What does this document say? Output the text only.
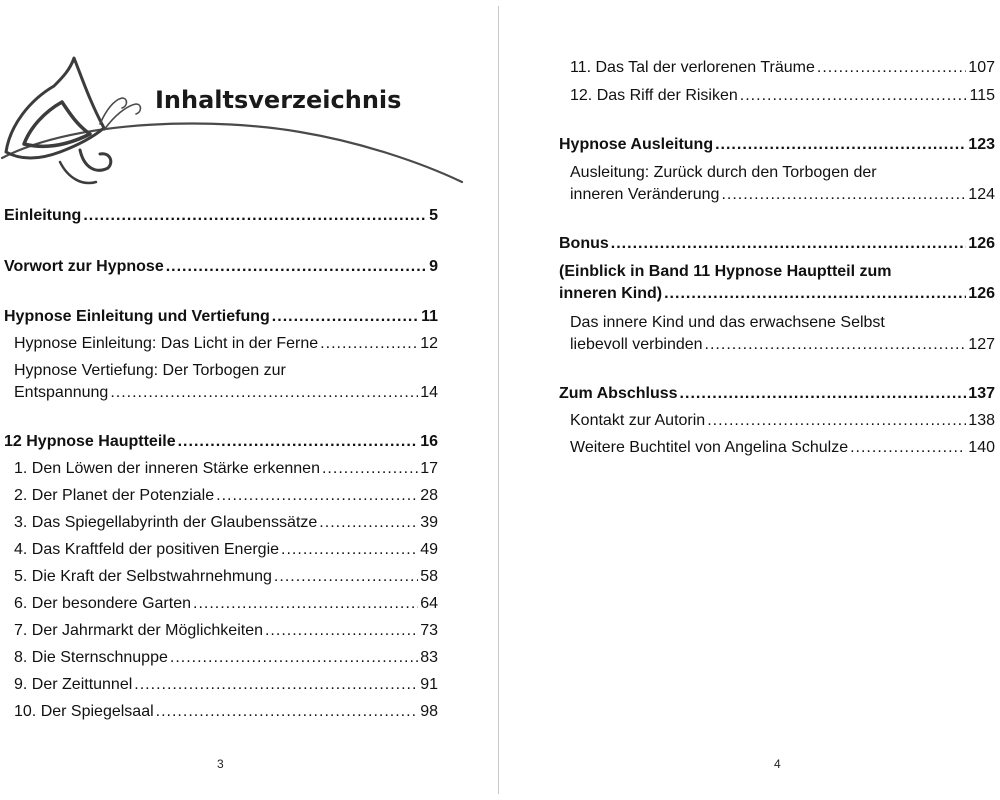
Inhaltsverzeichnis
Einleitung .....	5
Vorwort zur Hypnose .....	9
Hypnose Einleitung und Vertiefung .....	11
Hypnose Einleitung: Das Licht in der Ferne .....	12
Hypnose Vertiefung: Der Torbogen zur
Entspannung .....	14
12 Hypnose Hauptteile .....	16
1. Den Löwen der inneren Stärke erkennen .....	17
2. Der Planet der Potenziale .....	28
3. Das Spiegellabyrinth der Glaubenssätze .....	39
4. Das Kraftfeld der positiven Energie .....	49
5. Die Kraft der Selbstwahrnehmung .....	58
6. Der besondere Garten .....	64
7. Der Jahrmarkt der Möglichkeiten .....	73
8. Die Sternschnuppe .....	83
9. Der Zeittunnel .....	91
10. Der Spiegelsaal .....	98
3
11. Das Tal der verlorenen Träume .....	107
12. Das Riff der Risiken .....	115
Hypnose Ausleitung .....	123
Ausleitung: Zurück durch den Torbogen der
inneren Veränderung .....	124
Bonus .....	126
(Einblick in Band 11 Hypnose Hauptteil zum
inneren Kind) .....	126
Das innere Kind und das erwachsene Selbst
liebevoll verbinden .....	127
Zum Abschluss .....	137
Kontakt zur Autorin .....	138
Weitere Buchtitel von Angelina Schulze .....	140
4
